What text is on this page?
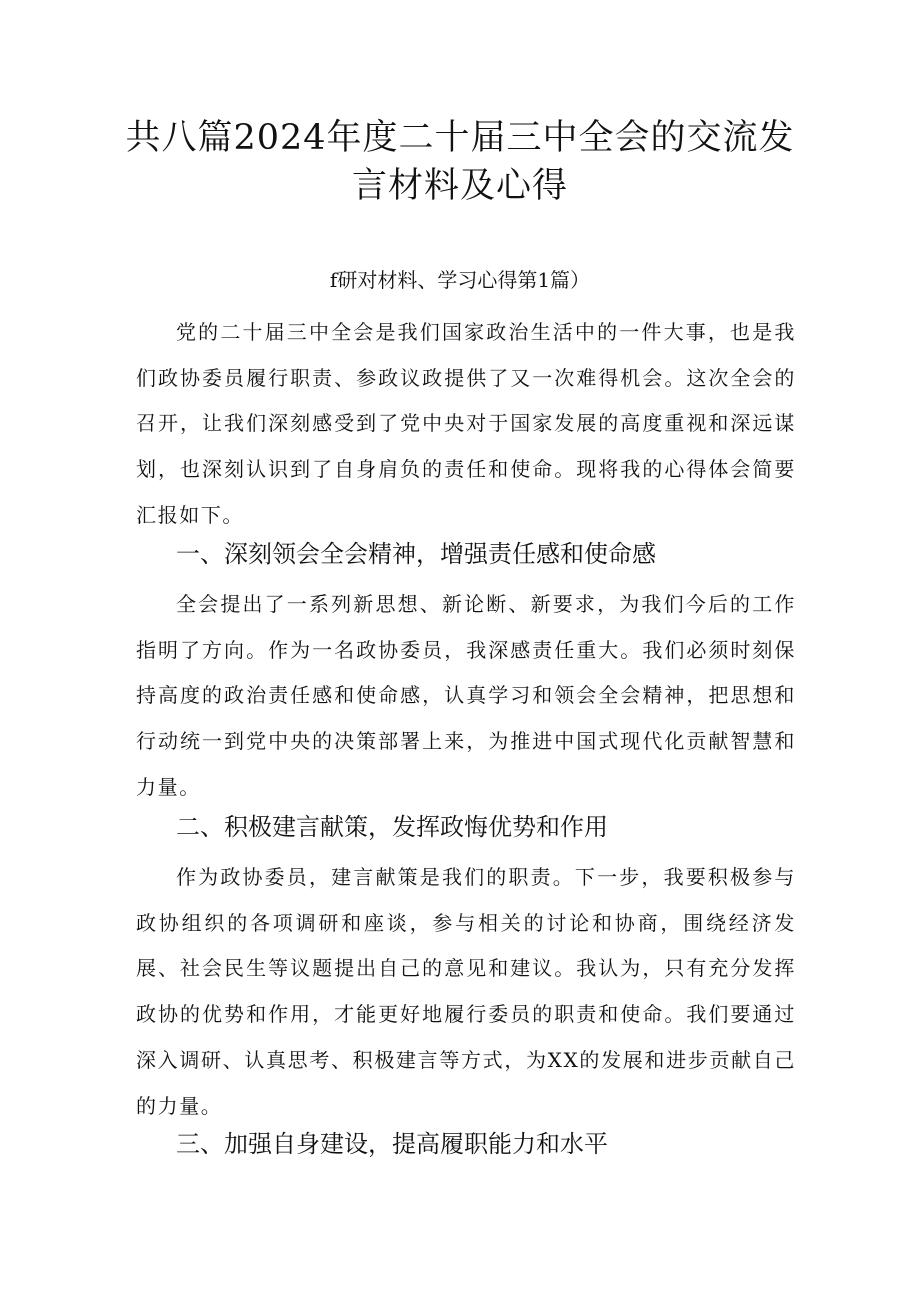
共八篇2024年度二十届三中全会的交流发
言材料及心得
f研对材料、学习心得第1篇）

党的二十届三中全会是我们国家政治生活中的一件大事，也是我们政协委员履行职责、参政议政提供了又一次难得机会。这次全会的召开，让我们深刻感受到了党中央对于国家发展的高度重视和深远谋划，也深刻认识到了自身肩负的责任和使命。现将我的心得体会简要汇报如下。

一、深刻领会全会精神，增强责任感和使命感

全会提出了一系列新思想、新论断、新要求，为我们今后的工作指明了方向。作为一名政协委员，我深感责任重大。我们必须时刻保持高度的政治责任感和使命感，认真学习和领会全会精神，把思想和行动统一到党中央的决策部署上来，为推进中国式现代化贡献智慧和力量。

二、积极建言献策，发挥政悔优势和作用

作为政协委员，建言献策是我们的职责。下一步，我要积极参与政协组织的各项调研和座谈，参与相关的讨论和协商，围绕经济发展、社会民生等议题提出自己的意见和建议。我认为，只有充分发挥政协的优势和作用，才能更好地履行委员的职责和使命。我们要通过深入调研、认真思考、积极建言等方式，为XX的发展和进步贡献自己的力量。

三、加强自身建设，提高履职能力和水平
